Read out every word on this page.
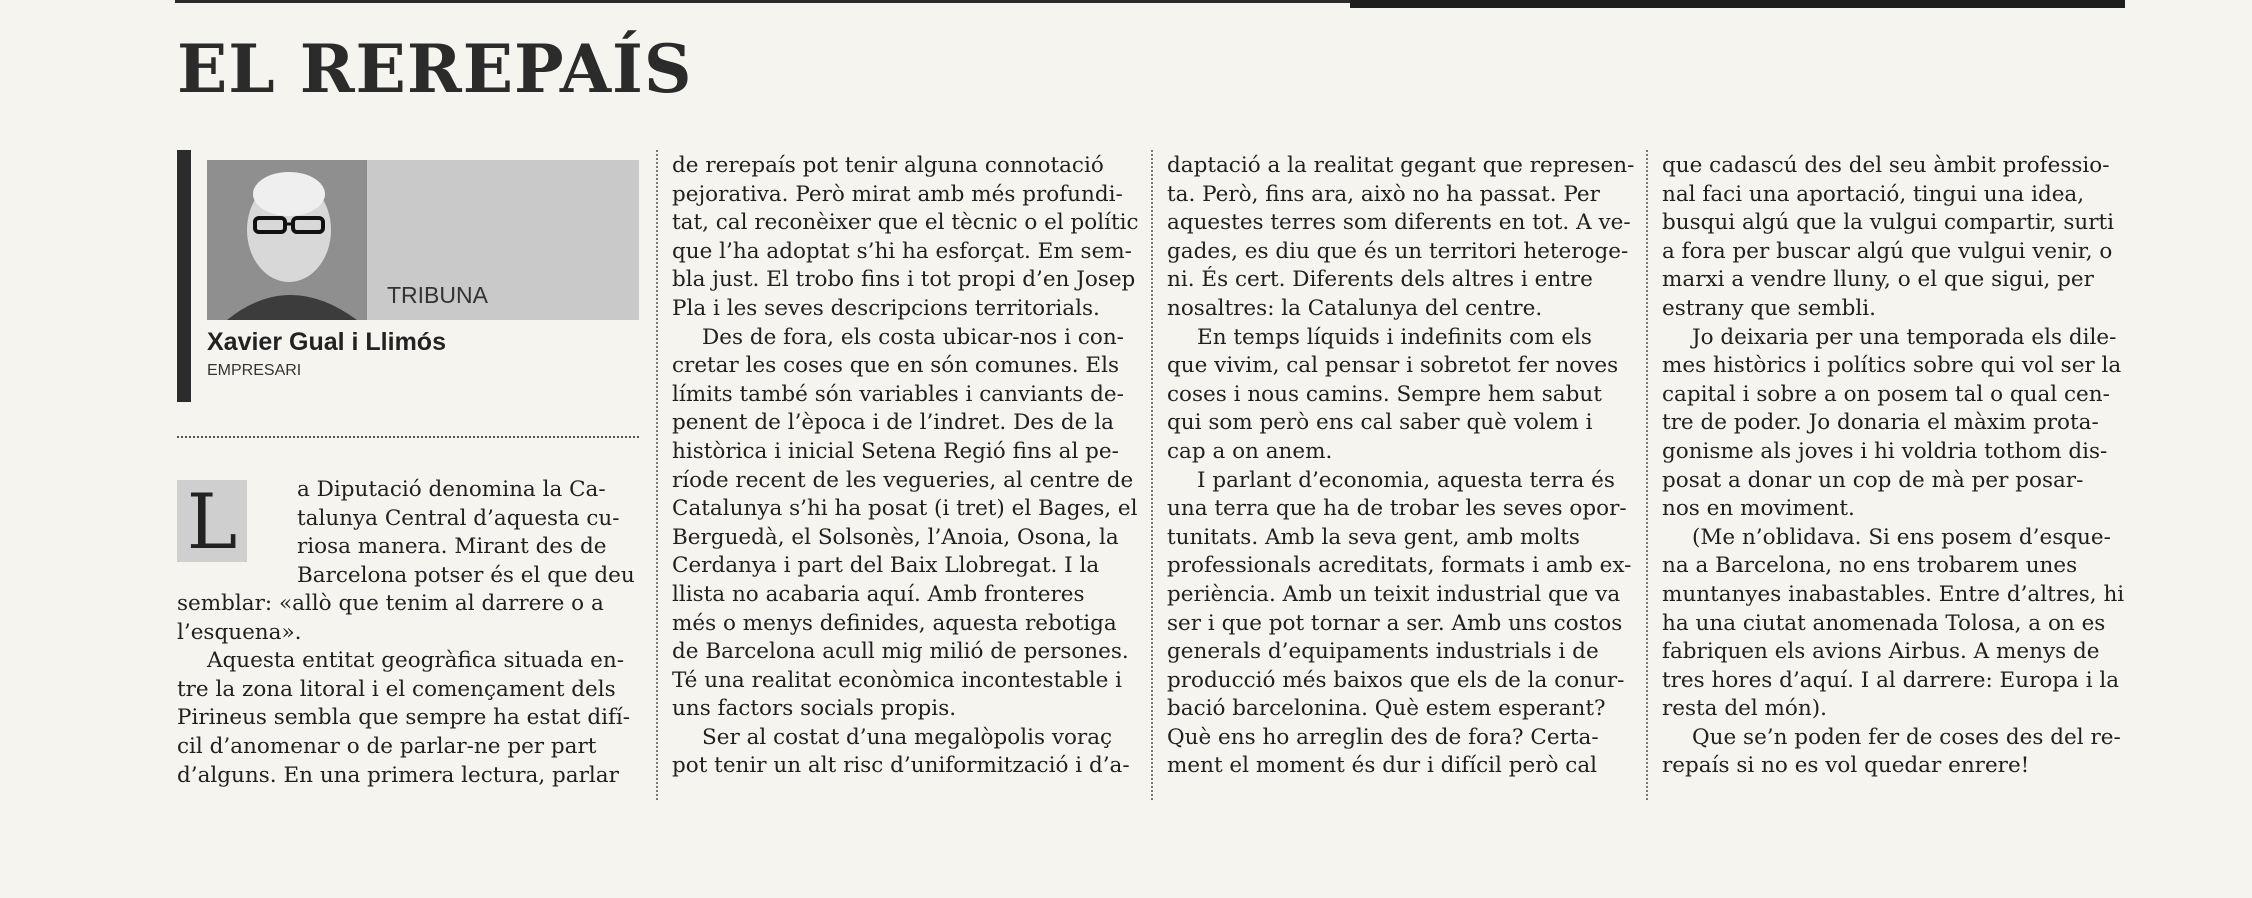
EL REREPAÍS
TRIBUNA
Xavier Gual i Llimós
EMPRESARI
L	a Diputació denomina la Ca-
talunya Central d’aquesta cu-
riosa manera. Mirant des de
Barcelona potser és el que deu
semblar: «allò que tenim al darrere o a
l’esquena».
Aquesta entitat geogràfica situada en-
tre la zona litoral i el començament dels
Pirineus sembla que sempre ha estat difí-
cil d’anomenar o de parlar-ne per part
d’alguns. En una primera lectura, parlar
de rerepaís pot tenir alguna connotació
pejorativa. Però mirat amb més profundi-
tat, cal reconèixer que el tècnic o el polític
que l’ha adoptat s’hi ha esforçat. Em sem-
bla just. El trobo fins i tot propi d’en Josep
Pla i les seves descripcions territorials.
Des de fora, els costa ubicar-nos i con-
cretar les coses que en són comunes. Els
límits també són variables i canviants de-
penent de l’època i de l’indret. Des de la
històrica i inicial Setena Regió fins al pe-
ríode recent de les vegueries, al centre de
Catalunya s’hi ha posat (i tret) el Bages, el
Berguedà, el Solsonès, l’Anoia, Osona, la
Cerdanya i part del Baix Llobregat. I la
llista no acabaria aquí. Amb fronteres
més o menys definides, aquesta rebotiga
de Barcelona acull mig milió de persones.
Té una realitat econòmica incontestable i
uns factors socials propis.
Ser al costat d’una megalòpolis voraç
pot tenir un alt risc d’uniformització i d’a-
daptació a la realitat gegant que represen-
ta. Però, fins ara, això no ha passat. Per
aquestes terres som diferents en tot. A ve-
gades, es diu que és un territori heteroge-
ni. És cert. Diferents dels altres i entre
nosaltres: la Catalunya del centre.
En temps líquids i indefinits com els
que vivim, cal pensar i sobretot fer noves
coses i nous camins. Sempre hem sabut
qui som però ens cal saber què volem i
cap a on anem.
I parlant d’economia, aquesta terra és
una terra que ha de trobar les seves opor-
tunitats. Amb la seva gent, amb molts
professionals acreditats, formats i amb ex-
periència. Amb un teixit industrial que va
ser i que pot tornar a ser. Amb uns costos
generals d’equipaments industrials i de
producció més baixos que els de la conur-
bació barcelonina. Què estem esperant?
Què ens ho arreglin des de fora? Certa-
ment el moment és dur i difícil però cal
que cadascú des del seu àmbit professio-
nal faci una aportació, tingui una idea,
busqui algú que la vulgui compartir, surti
a fora per buscar algú que vulgui venir, o
marxi a vendre lluny, o el que sigui, per
estrany que sembli.
Jo deixaria per una temporada els dile-
mes històrics i polítics sobre qui vol ser la
capital i sobre a on posem tal o qual cen-
tre de poder. Jo donaria el màxim prota-
gonisme als joves i hi voldria tothom dis-
posat a donar un cop de mà per posar-
nos en moviment.
(Me n’oblidava. Si ens posem d’esque-
na a Barcelona, no ens trobarem unes
muntanyes inabastables. Entre d’altres, hi
ha una ciutat anomenada Tolosa, a on es
fabriquen els avions Airbus. A menys de
tres hores d’aquí. I al darrere: Europa i la
resta del món).
Que se’n poden fer de coses des del re-
repaís si no es vol quedar enrere!
